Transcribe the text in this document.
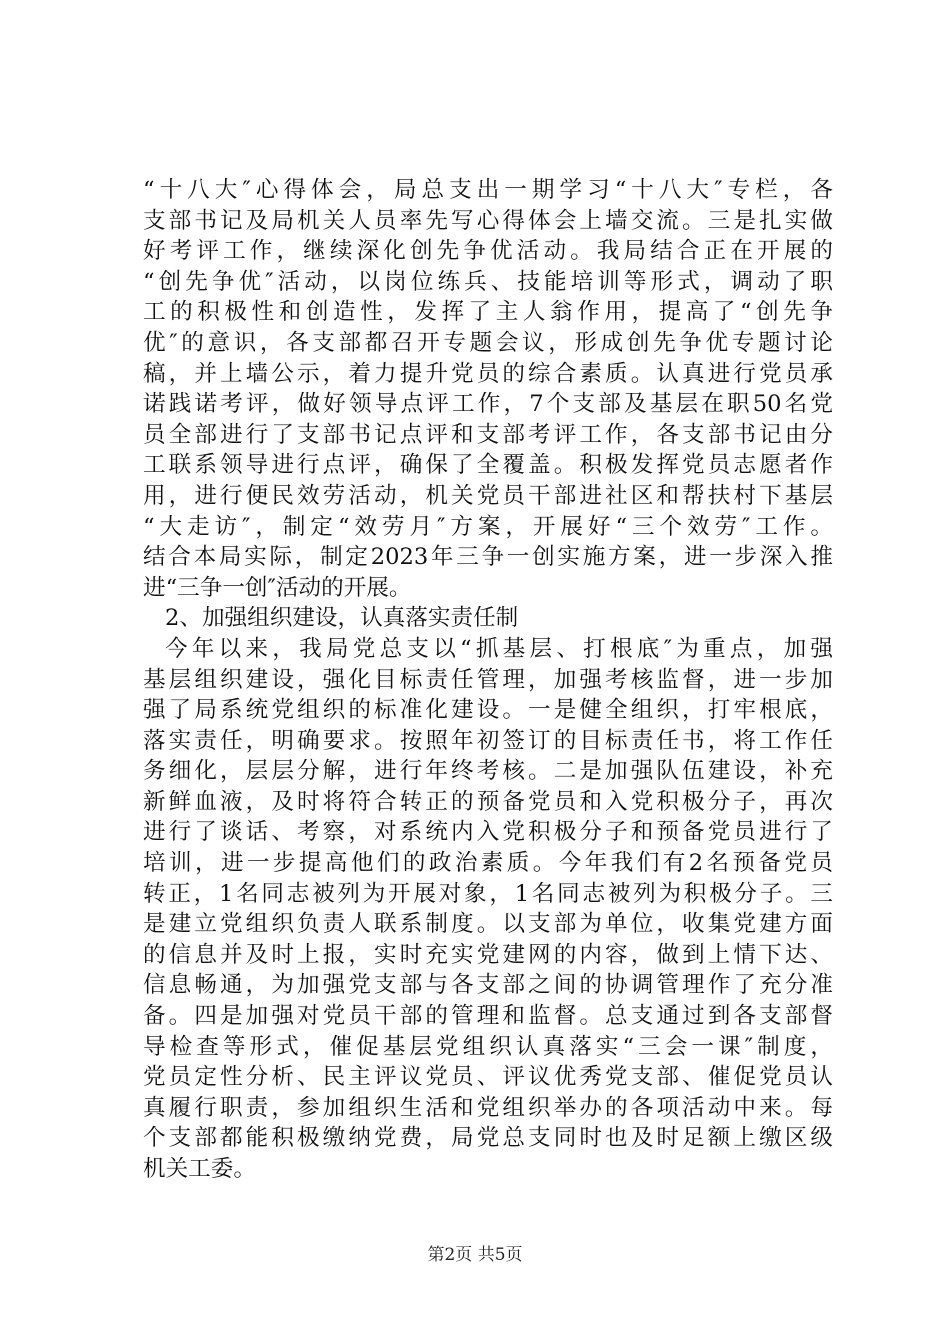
“十八大″心得体会，局总支出一期学习“十八大″专栏，各
支部书记及局机关人员率先写心得体会上墙交流。三是扎实做
好考评工作，继续深化创先争优活动。我局结合正在开展的
“创先争优″活动，以岗位练兵、技能培训等形式，调动了职
工的积极性和创造性，发挥了主人翁作用，提高了“创先争
优″的意识，各支部都召开专题会议，形成创先争优专题讨论
稿，并上墙公示，着力提升党员的综合素质。认真进行党员承
诺践诺考评，做好领导点评工作，7个支部及基层在职50名党
员全部进行了支部书记点评和支部考评工作，各支部书记由分
工联系领导进行点评，确保了全覆盖。积极发挥党员志愿者作
用，进行便民效劳活动，机关党员干部进社区和帮扶村下基层
“大走访″，制定“效劳月″方案，开展好“三个效劳″工作。
结合本局实际，制定2023年三争一创实施方案，进一步深入推
进“三争一创″活动的开展。
2、加强组织建设，认真落实责任制
今年以来，我局党总支以“抓基层、打根底″为重点，加强
基层组织建设，强化目标责任管理，加强考核监督，进一步加
强了局系统党组织的标准化建设。一是健全组织，打牢根底，
落实责任，明确要求。按照年初签订的目标责任书，将工作任
务细化，层层分解，进行年终考核。二是加强队伍建设，补充
新鲜血液，及时将符合转正的预备党员和入党积极分子，再次
进行了谈话、考察，对系统内入党积极分子和预备党员进行了
培训，进一步提高他们的政治素质。今年我们有2名预备党员
转正，1名同志被列为开展对象，1名同志被列为积极分子。三
是建立党组织负责人联系制度。以支部为单位，收集党建方面
的信息并及时上报，实时充实党建网的内容，做到上情下达、
信息畅通，为加强党支部与各支部之间的协调管理作了充分准
备。四是加强对党员干部的管理和监督。总支通过到各支部督
导检查等形式，催促基层党组织认真落实“三会一课″制度，
党员定性分析、民主评议党员、评议优秀党支部、催促党员认
真履行职责，参加组织生活和党组织举办的各项活动中来。每
个支部都能积极缴纳党费，局党总支同时也及时足额上缴区级
机关工委。
第2页 共5页
